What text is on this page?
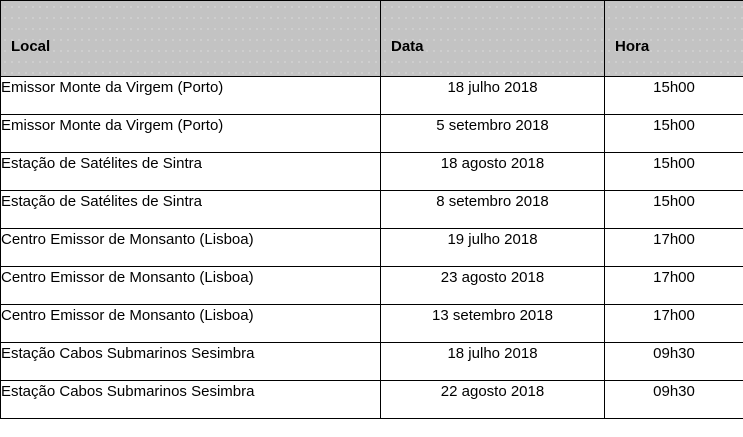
Local	Data	Hora
Emissor Monte da Virgem (Porto)	18 julho 2018	15h00
Emissor Monte da Virgem (Porto)	5 setembro 2018	15h00
Estação de Satélites de Sintra	18 agosto 2018	15h00
Estação de Satélites de Sintra	8 setembro 2018	15h00
Centro Emissor de Monsanto (Lisboa)	19 julho 2018	17h00
Centro Emissor de Monsanto (Lisboa)	23 agosto 2018	17h00
Centro Emissor de Monsanto (Lisboa)	13 setembro 2018	17h00
Estação Cabos Submarinos Sesimbra	18 julho 2018	09h30
Estação Cabos Submarinos Sesimbra	22 agosto 2018	09h30
